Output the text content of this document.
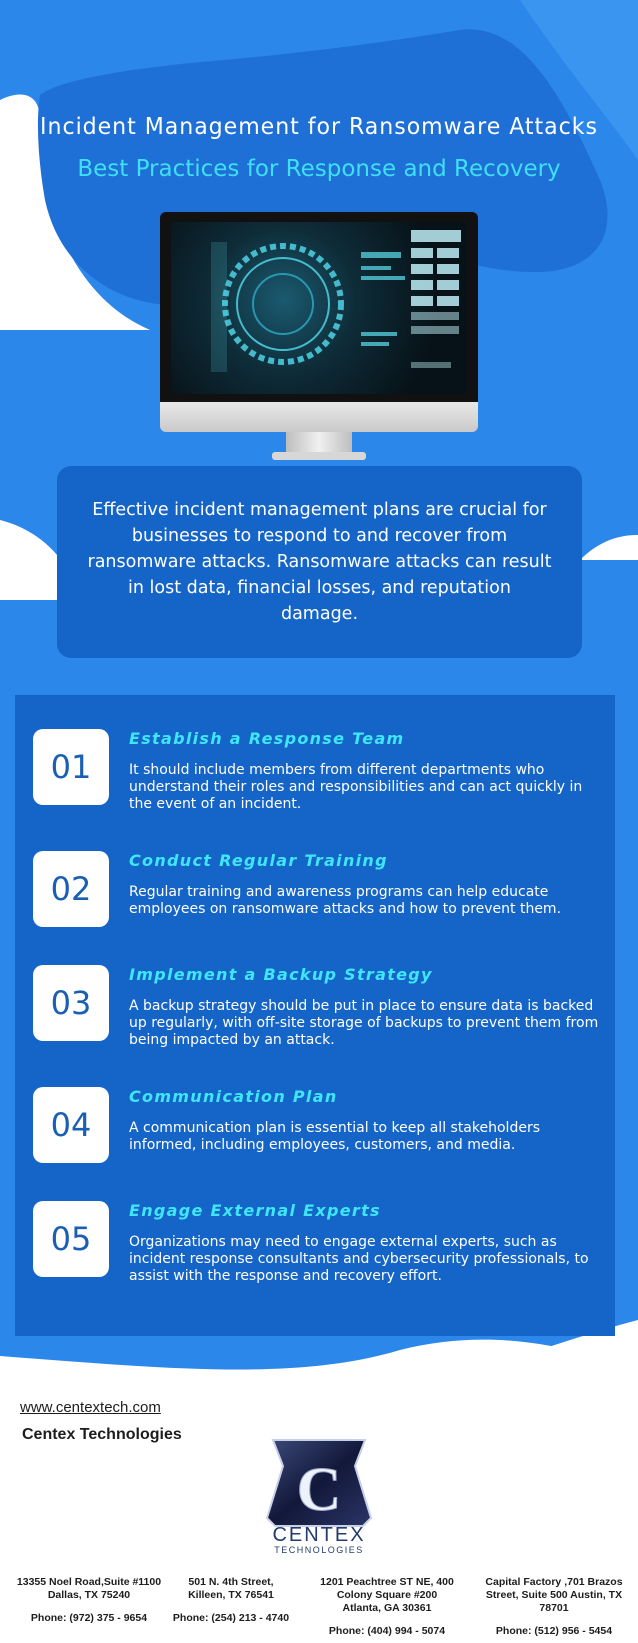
Incident Management for Ransomware Attacks
Best Practices for Response and Recovery

Effective incident management plans are crucial for businesses to respond to and recover from ransomware attacks. Ransomware attacks can result in lost data, financial losses, and reputation damage.

01
Establish a Response Team
It should include members from different departments who understand their roles and responsibilities and can act quickly in the event of an incident.
02
Conduct Regular Training
Regular training and awareness programs can help educate employees on ransomware attacks and how to prevent them.
03
Implement a Backup Strategy
A backup strategy should be put in place to ensure data is backed up regularly, with off-site storage of backups to prevent them from being impacted by an attack.
04
Communication Plan
A communication plan is essential to keep all stakeholders informed, including employees, customers, and media.
05
Engage External Experts
Organizations may need to engage external experts, such as incident response consultants and cybersecurity professionals, to assist with the response and recovery effort.
www.centextech.com
Centex Technologies
C
CENTEX
TECHNOLOGIES
13355 Noel Road,Suite #1100 Dallas, TX 75240
Phone: (972) 375 - 9654
501 N. 4th Street, Killeen, TX 76541
Phone: (254) 213 - 4740
1201 Peachtree ST NE, 400 Colony Square #200 Atlanta, GA 30361
Phone: (404) 994 - 5074
Capital Factory ,701 Brazos Street, Suite 500 Austin, TX 78701
Phone: (512) 956 - 5454
